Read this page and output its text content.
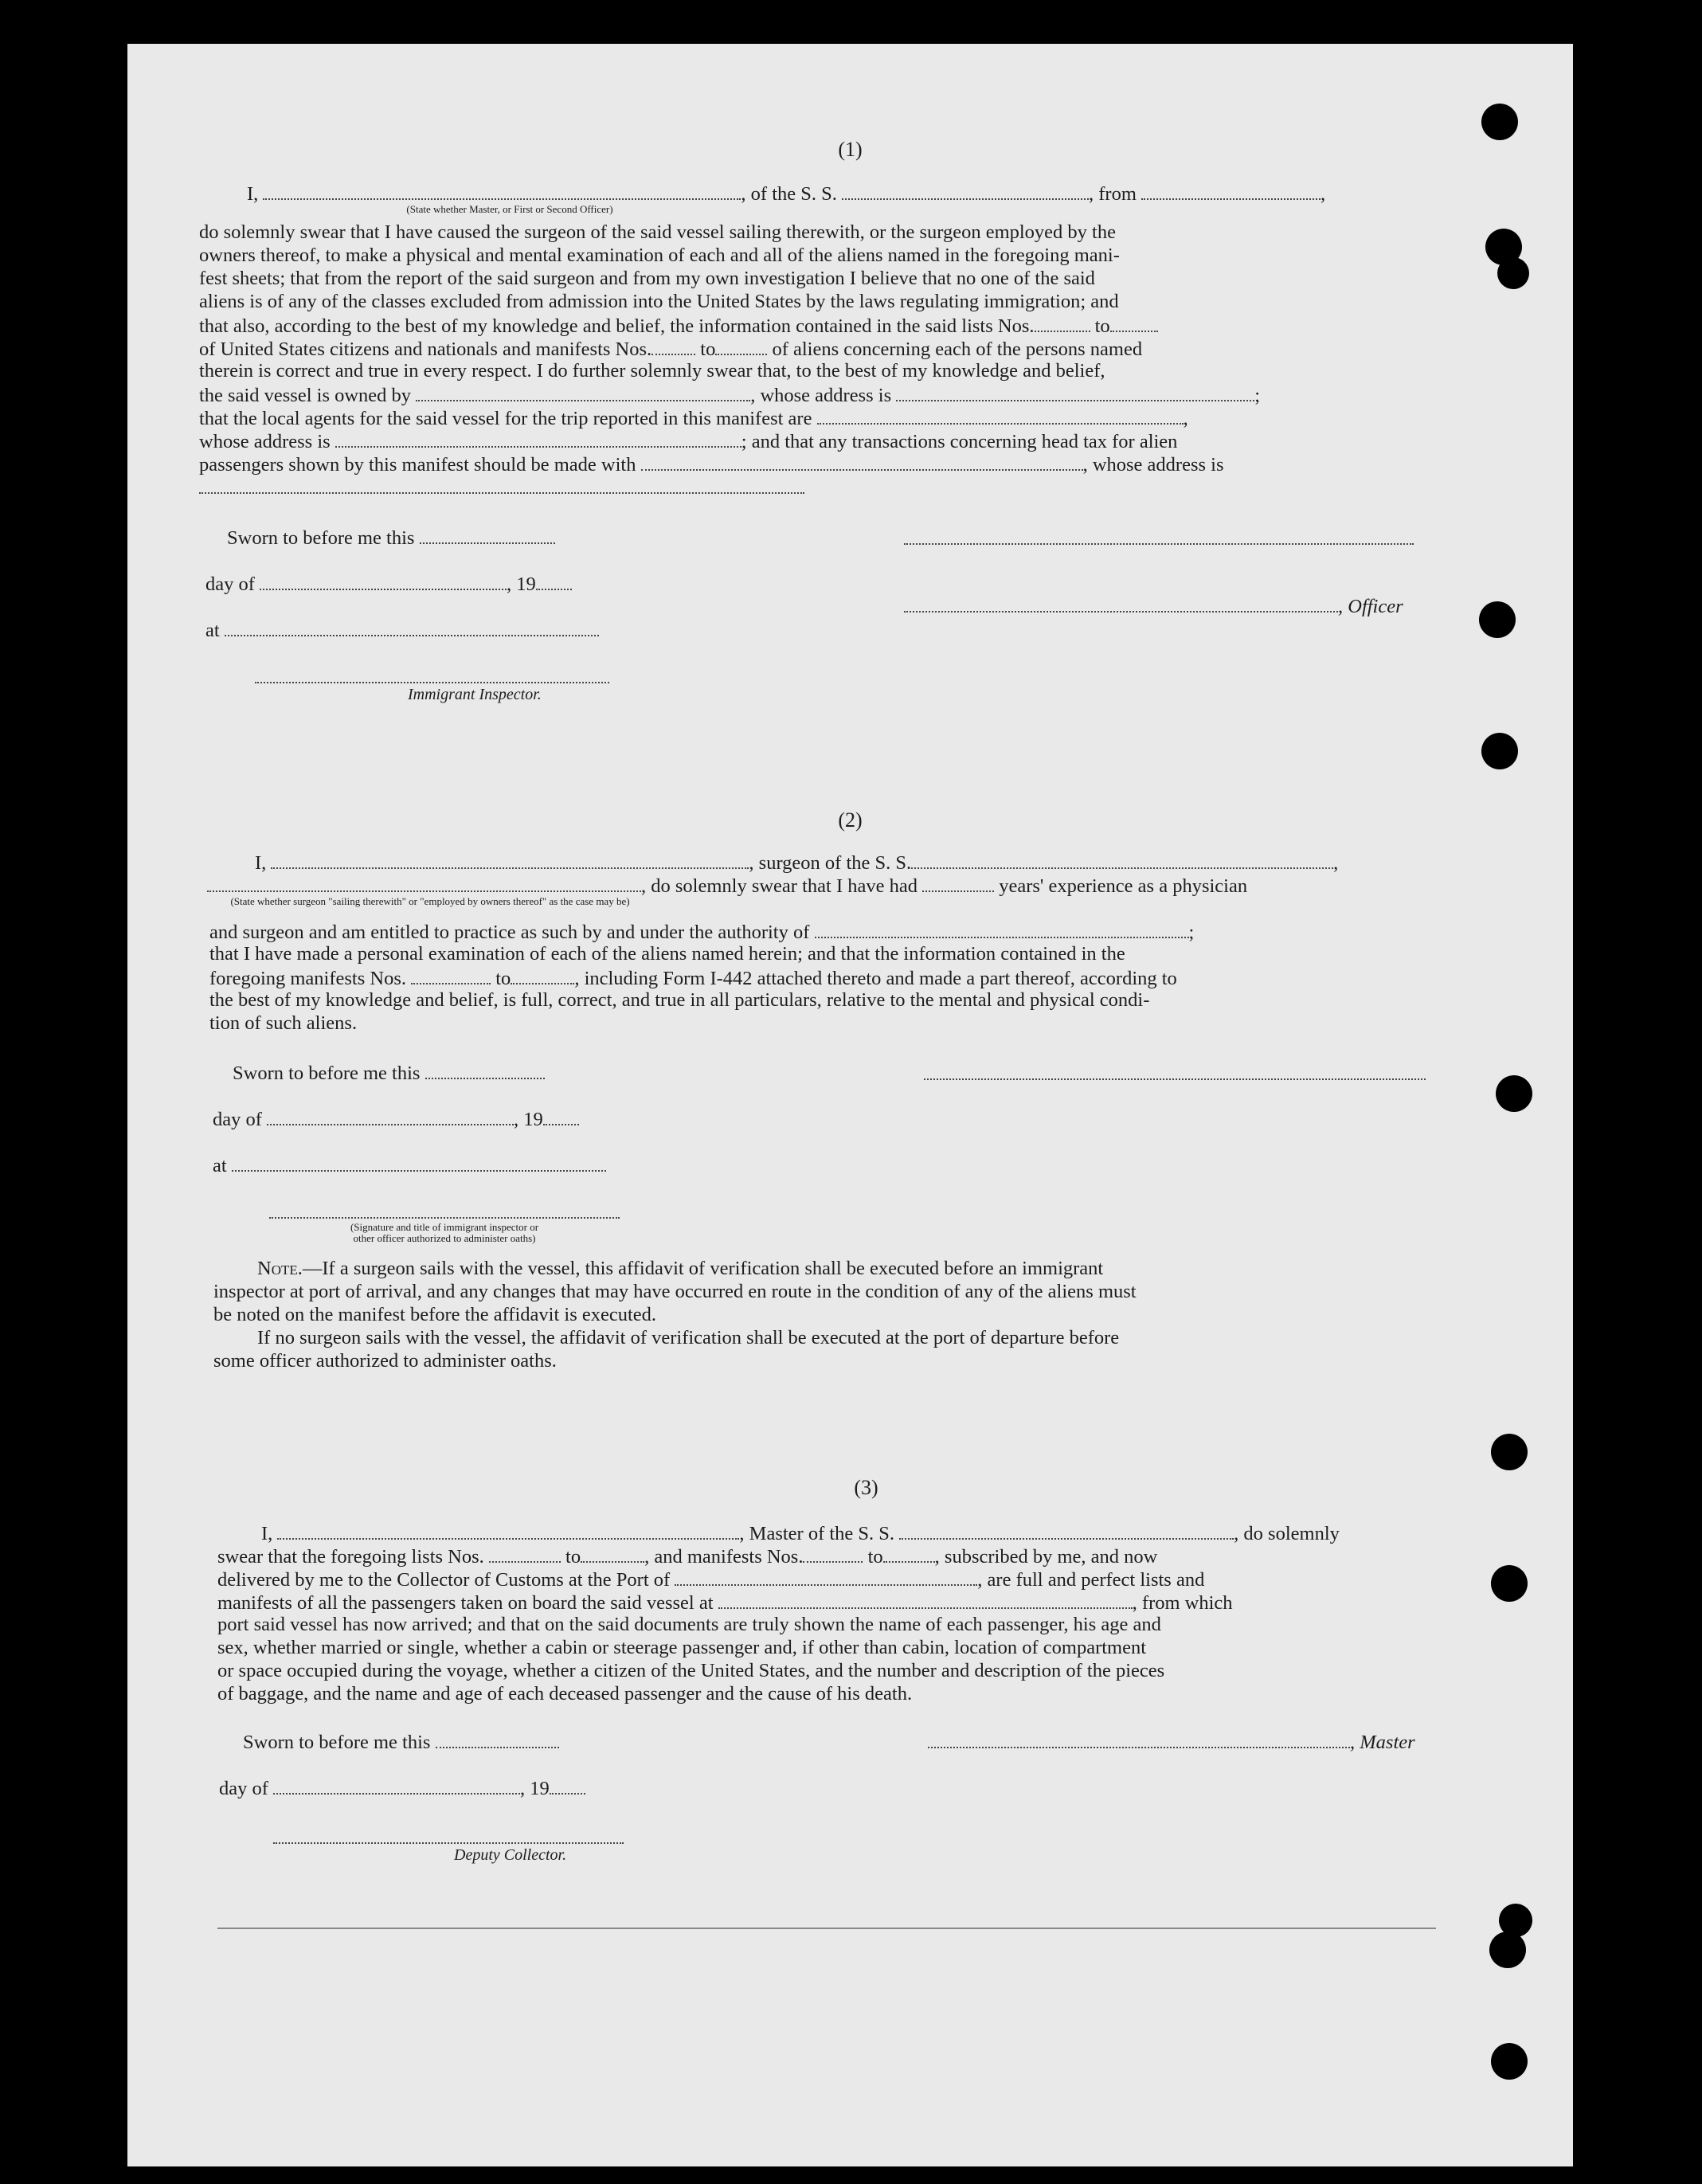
(1)
I,	, of the S. S.	, from	,
(State whether Master, or First or Second Officer)
do solemnly swear that I have caused the surgeon of the said vessel sailing therewith, or the surgeon employed by the
owners thereof, to make a physical and mental examination of each and all of the aliens named in the foregoing mani-
fest sheets; that from the report of the said surgeon and from my own investigation I believe that no one of the said
aliens is of any of the classes excluded from admission into the United States by the laws regulating immigration; and
that also, according to the best of my knowledge and belief, the information contained in the said lists Nos.	to
of United States citizens and nationals and manifests Nos. to	of aliens concerning each of the persons named
therein is correct and true in every respect. I do further solemnly swear that, to the best of my knowledge and belief,
the said vessel is owned by	, whose address is	;
that the local agents for the said vessel for the trip reported in this manifest are	,
whose address is	; and that any transactions concerning head tax for alien
passengers shown by this manifest should be made with	, whose address is
Sworn to before me this
day of	, 19
, Officer
at
Immigrant Inspector.
(2)
I,	, surgeon of the S. S.	,
, do solemnly swear that I have had	years' experience as a physician
(State whether surgeon "sailing therewith" or "employed by owners thereof" as the case may be)
and surgeon and am entitled to practice as such by and under the authority of	;
that I have made a personal examination of each of the aliens named herein; and that the information contained in the
foregoing manifests Nos.	to	, including Form I-442 attached thereto and made a part thereof, according to
the best of my knowledge and belief, is full, correct, and true in all particulars, relative to the mental and physical condi-
tion of such aliens.
Sworn to before me this
day of	, 19
at
(Signature and title of immigrant inspector or
other officer authorized to administer oaths)
Note.—If a surgeon sails with the vessel, this affidavit of verification shall be executed before an immigrant
inspector at port of arrival, and any changes that may have occurred en route in the condition of any of the aliens must
be noted on the manifest before the affidavit is executed.
If no surgeon sails with the vessel, the affidavit of verification shall be executed at the port of departure before
some officer authorized to administer oaths.
(3)
I,	, Master of the S. S.	, do solemnly
swear that the foregoing lists Nos.	to	, and manifests Nos.	to	, subscribed by me, and now
delivered by me to the Collector of Customs at the Port of	, are full and perfect lists and
manifests of all the passengers taken on board the said vessel at	, from which
port said vessel has now arrived; and that on the said documents are truly shown the name of each passenger, his age and
sex, whether married or single, whether a cabin or steerage passenger and, if other than cabin, location of compartment
or space occupied during the voyage, whether a citizen of the United States, and the number and description of the pieces
of baggage, and the name and age of each deceased passenger and the cause of his death.
Sworn to before me this	, Master
day of	, 19
Deputy Collector.
